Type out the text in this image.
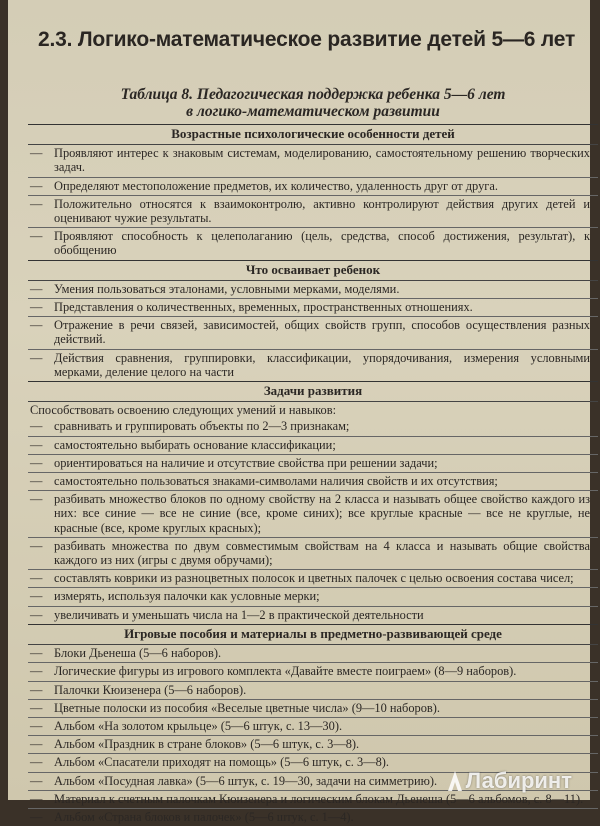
2.3. Логико-математическое развитие детей 5—6 лет
Таблица 8. Педагогическая поддержка ребенка 5—6 лет
в логико-математическом развитии
Возрастные психологические особенности детей
— Проявляют интерес к знаковым системам, моделированию, самостоятельному решению творческих задач.
— Определяют местоположение предметов, их количество, удаленность друг от друга.
— Положительно относятся к взаимоконтролю, активно контролируют действия других детей и оценивают чужие результаты.
— Проявляют способность к целеполаганию (цель, средства, способ достижения, результат), к обобщению
Что осваивает ребенок
— Умения пользоваться эталонами, условными мерками, моделями.
— Представления о количественных, временных, пространственных отношениях.
— Отражение в речи связей, зависимостей, общих свойств групп, способов осуществления разных действий.
— Действия сравнения, группировки, классификации, упорядочивания, измерения условными мерками, деление целого на части
Задачи развития
Способствовать освоению следующих умений и навыков:
— сравнивать и группировать объекты по 2—3 признакам;
— самостоятельно выбирать основание классификации;
— ориентироваться на наличие и отсутствие свойства при решении задачи;
— самостоятельно пользоваться знаками-символами наличия свойств и их отсутствия;
— разбивать множество блоков по одному свойству на 2 класса и называть общее свойство каждого из них: все синие — все не синие (все, кроме синих); все круглые красные — все не круглые, не красные (все, кроме круглых красных);
— разбивать множества по двум совместимым свойствам на 4 класса и называть общие свойства каждого из них (игры с двумя обручами);
— составлять коврики из разноцветных полосок и цветных палочек с целью освоения состава чисел;
— измерять, используя палочки как условные мерки;
— увеличивать и уменьшать числа на 1—2 в практической деятельности
Игровые пособия и материалы в предметно-развивающей среде
— Блоки Дьенеша (5—6 наборов).
— Логические фигуры из игрового комплекта «Давайте вместе поиграем» (8—9 наборов).
— Палочки Кюизенера (5—6 наборов).
— Цветные полоски из пособия «Веселые цветные числа» (9—10 наборов).
— Альбом «На золотом крыльце» (5—6 штук, с. 13—30).
— Альбом «Праздник в стране блоков» (5—6 штук, с. 3—8).
— Альбом «Спасатели приходят на помощь» (5—6 штук, с. 3—8).
— Альбом «Посудная лавка» (5—6 штук, с. 19—30, задачи на симметрию).
— Материал к счетным палочкам Кюизенера и логическим блокам Дьенеша (5—6 альбомов, с. 8—11).
— Альбом «Страна блоков и палочек» (5—6 штук, с. 1—4).
Лабиринт
